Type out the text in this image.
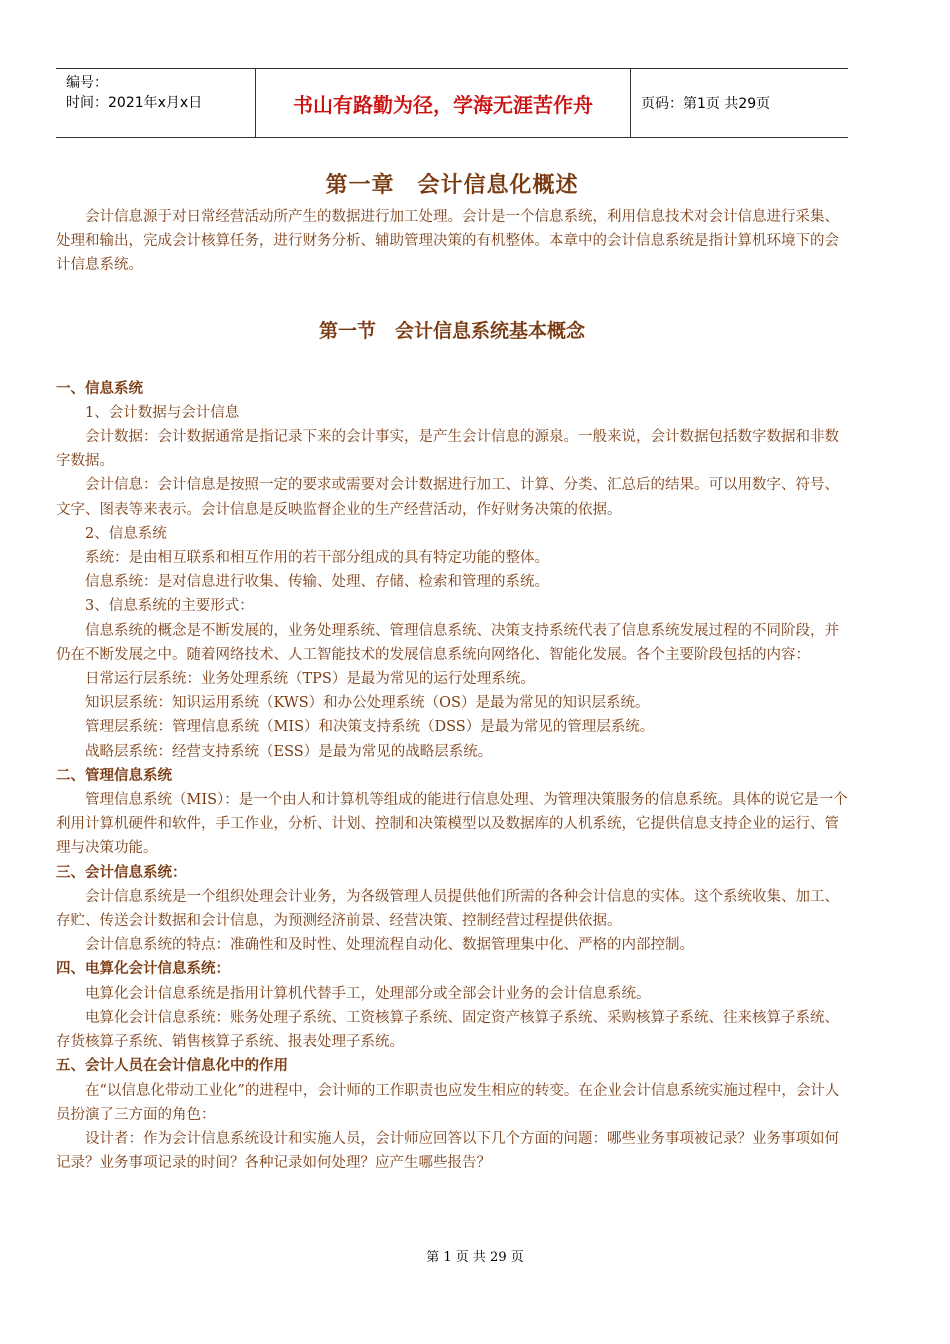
编号：
时间：2021年x月x日	书山有路勤为径，学海无涯苦作舟	页码：第1页 共29页
第一章　会计信息化概述

会计信息源于对日常经营活动所产生的数据进行加工处理。会计是一个信息系统，利用信息技术对会计信息进行采集、处理和输出，完成会计核算任务，进行财务分析、辅助管理决策的有机整体。本章中的会计信息系统是指计算机环境下的会计信息系统。

第一节　会计信息系统基本概念
一、信息系统

1、会计数据与会计信息

会计数据：会计数据通常是指记录下来的会计事实，是产生会计信息的源泉。一般来说，会计数据包括数字数据和非数字数据。

会计信息：会计信息是按照一定的要求或需要对会计数据进行加工、计算、分类、汇总后的结果。可以用数字、符号、文字、图表等来表示。会计信息是反映监督企业的生产经营活动，作好财务决策的依据。

2、信息系统

系统：是由相互联系和相互作用的若干部分组成的具有特定功能的整体。

信息系统：是对信息进行收集、传输、处理、存储、检索和管理的系统。

3、信息系统的主要形式：

信息系统的概念是不断发展的，业务处理系统、管理信息系统、决策支持系统代表了信息系统发展过程的不同阶段，并仍在不断发展之中。随着网络技术、人工智能技术的发展信息系统向网络化、智能化发展。各个主要阶段包括的内容：

日常运行层系统：业务处理系统（TPS）是最为常见的运行处理系统。

知识层系统：知识运用系统（KWS）和办公处理系统（OS）是最为常见的知识层系统。

管理层系统：管理信息系统（MIS）和决策支持系统（DSS）是最为常见的管理层系统。

战略层系统：经营支持系统（ESS）是最为常见的战略层系统。

二、管理信息系统

管理信息系统（MIS）：是一个由人和计算机等组成的能进行信息处理、为管理决策服务的信息系统。具体的说它是一个利用计算机硬件和软件，手工作业，分析、计划、控制和决策模型以及数据库的人机系统，它提供信息支持企业的运行、管理与决策功能。

三、会计信息系统：

会计信息系统是一个组织处理会计业务，为各级管理人员提供他们所需的各种会计信息的实体。这个系统收集、加工、存贮、传送会计数据和会计信息，为预测经济前景、经营决策、控制经营过程提供依据。

会计信息系统的特点：准确性和及时性、处理流程自动化、数据管理集中化、严格的内部控制。

四、电算化会计信息系统：

电算化会计信息系统是指用计算机代替手工，处理部分或全部会计业务的会计信息系统。

电算化会计信息系统：账务处理子系统、工资核算子系统、固定资产核算子系统、采购核算子系统、往来核算子系统、存货核算子系统、销售核算子系统、报表处理子系统。

五、会计人员在会计信息化中的作用

在“以信息化带动工业化”的进程中，会计师的工作职责也应发生相应的转变。在企业会计信息系统实施过程中，会计人员扮演了三方面的角色：

设计者：作为会计信息系统设计和实施人员，会计师应回答以下几个方面的问题：哪些业务事项被记录？业务事项如何记录？业务事项记录的时间？各种记录如何处理？应产生哪些报告？

第 1 页 共 29 页
